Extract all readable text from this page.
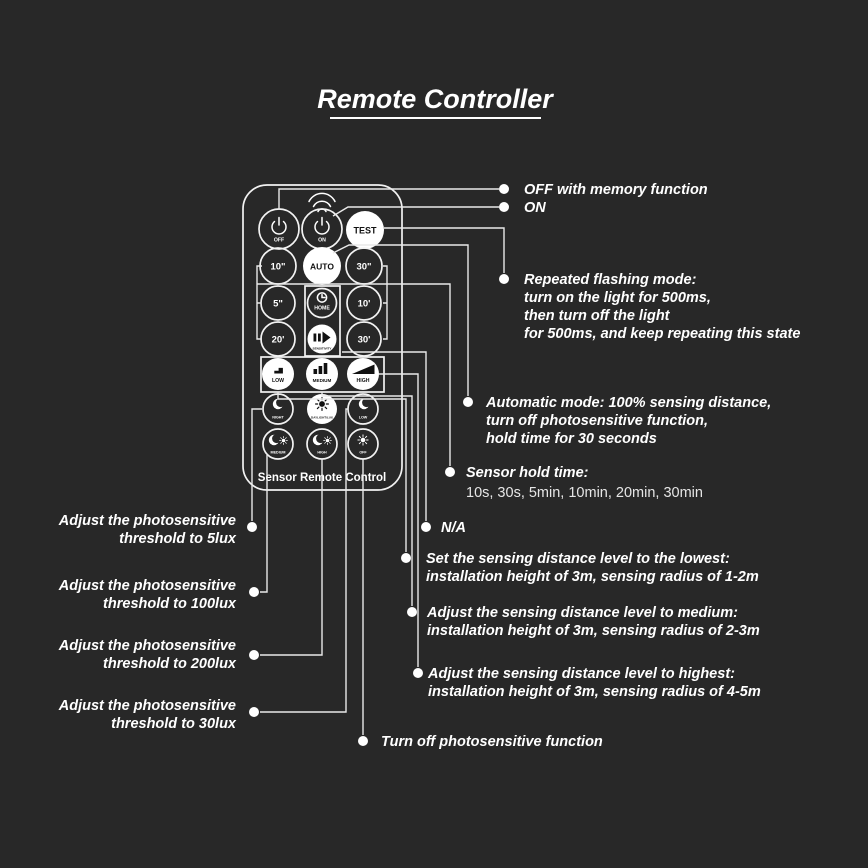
Remote Controller
OFF	ON
TEST
10"	AUTO 30"
5"	HOME	10'
20'
SENSITIVITY
30'
LOW	MEDIUM	HIGH
NIGHT	DAYLIGHT/LUX	LOW
MEDIUM	HIGH	OFF
Sensor Remote Control
OFF with memory function
ON
Repeated flashing mode:
turn on the light for 500ms,
then turn off the light
for 500ms, and keep repeating this state
Automatic mode: 100% sensing distance,
turn off photosensitive function,
hold time for 30 seconds
Sensor hold time:
10s, 30s, 5min, 10min, 20min, 30min
N/A
Set the sensing distance level to the lowest:
installation height of 3m, sensing radius of 1-2m
Adjust the sensing distance level to medium:
installation height of 3m, sensing radius of 2-3m
Adjust the sensing distance level to highest:
installation height of 3m, sensing radius of 4-5m
Turn off photosensitive function
Adjust the photosensitive
threshold to 5lux
Adjust the photosensitive
threshold to 100lux
Adjust the photosensitive
threshold to 200lux
Adjust the photosensitive
threshold to 30lux
